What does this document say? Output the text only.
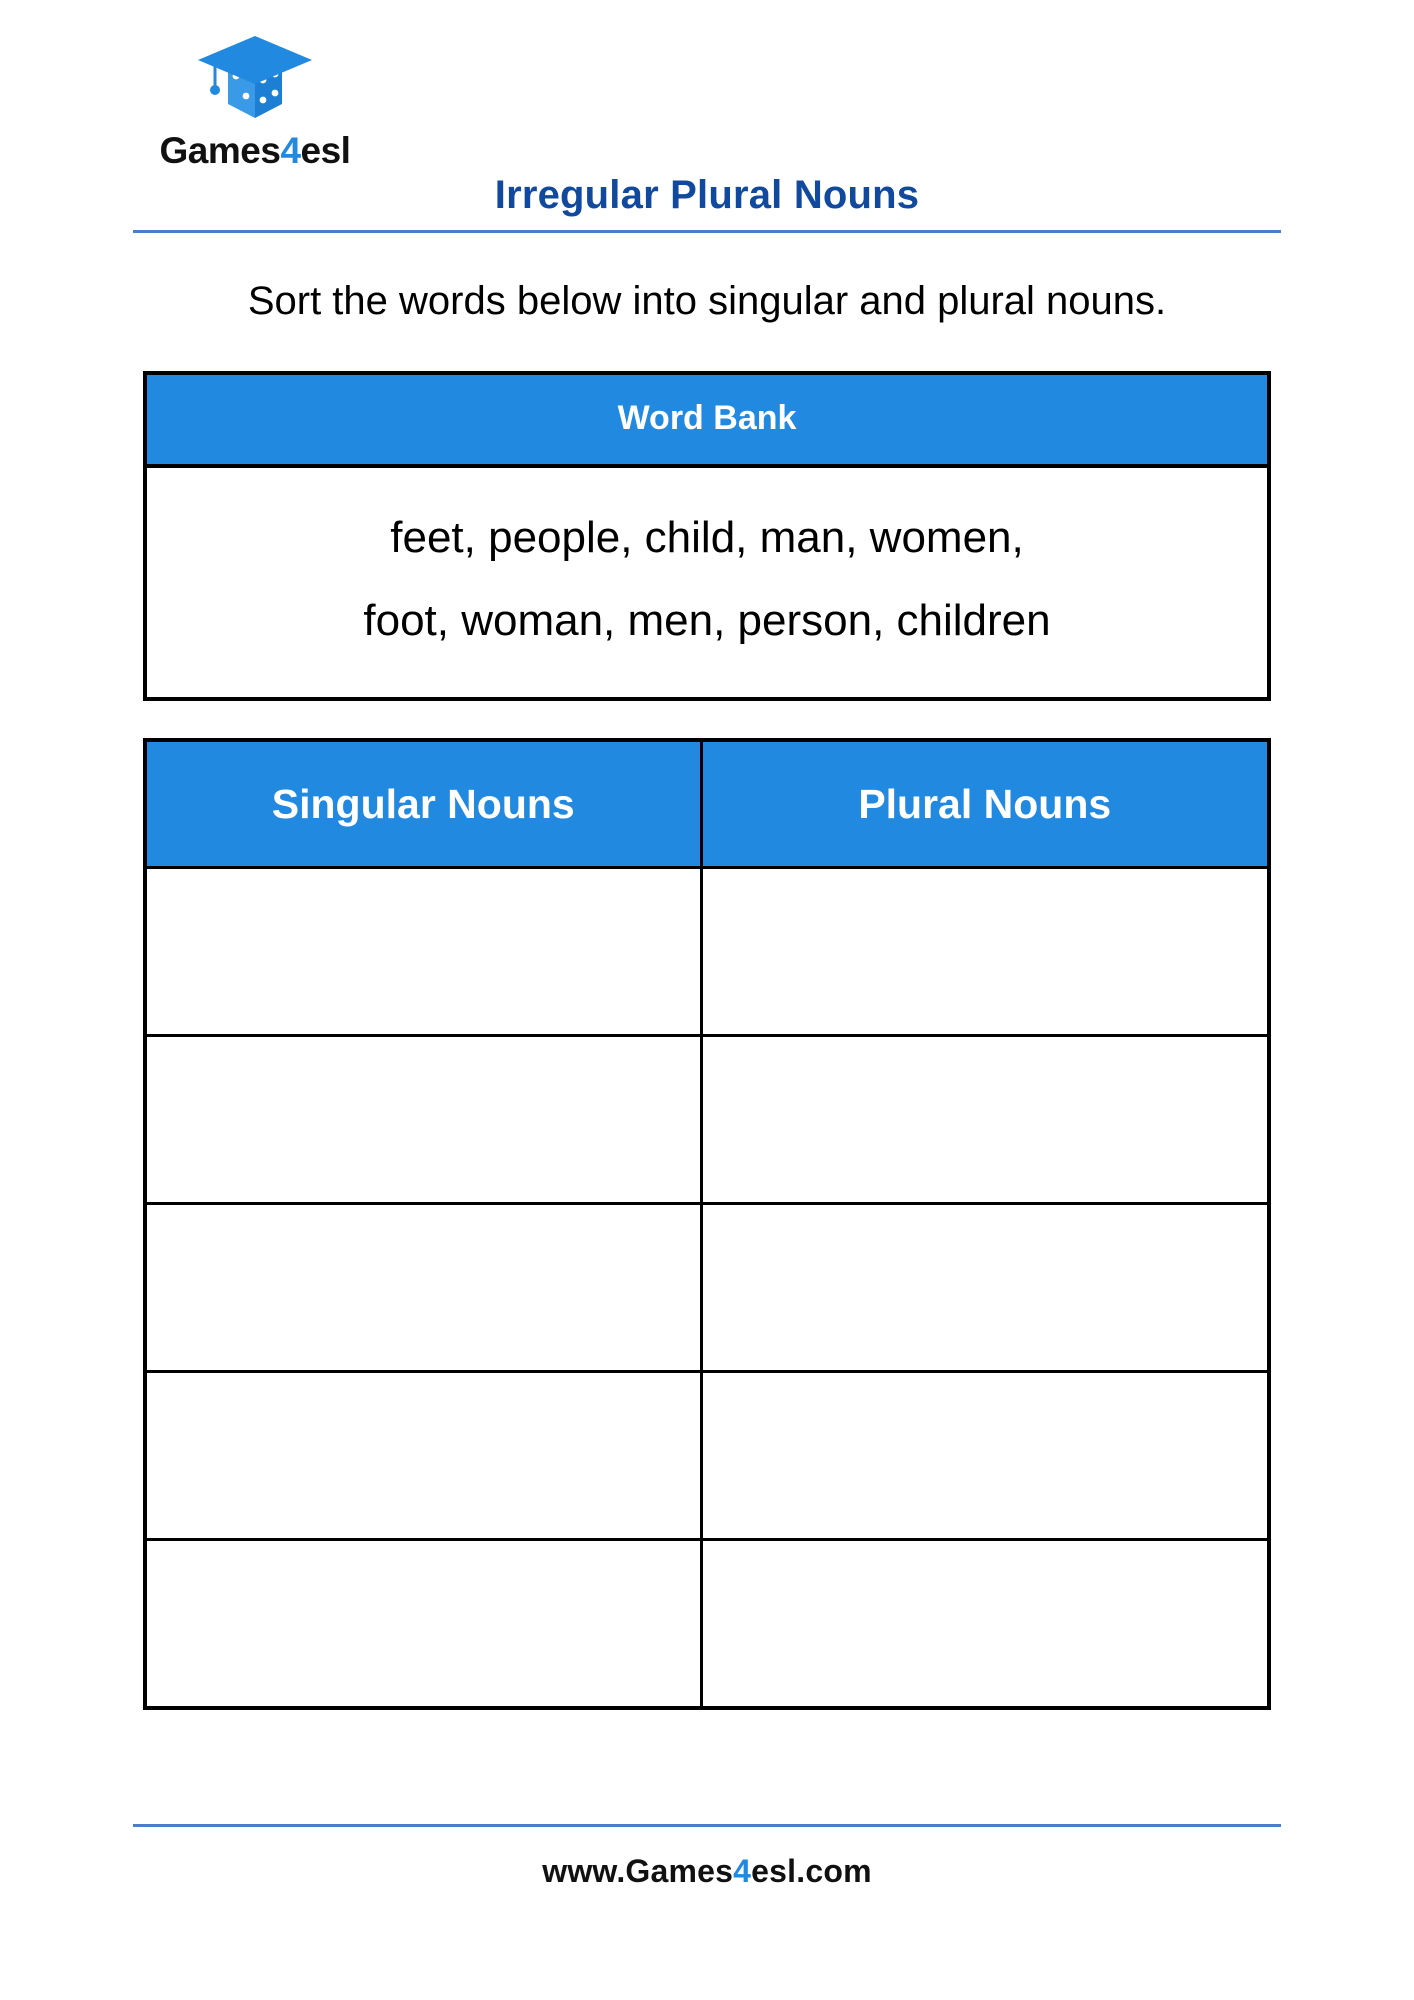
Games4esl
Irregular Plural Nouns
Sort the words below into singular and plural nouns.
Word Bank
feet, people, child, man, women,
foot, woman, men, person, children
Singular Nouns	Plural Nouns

www.Games4esl.com
